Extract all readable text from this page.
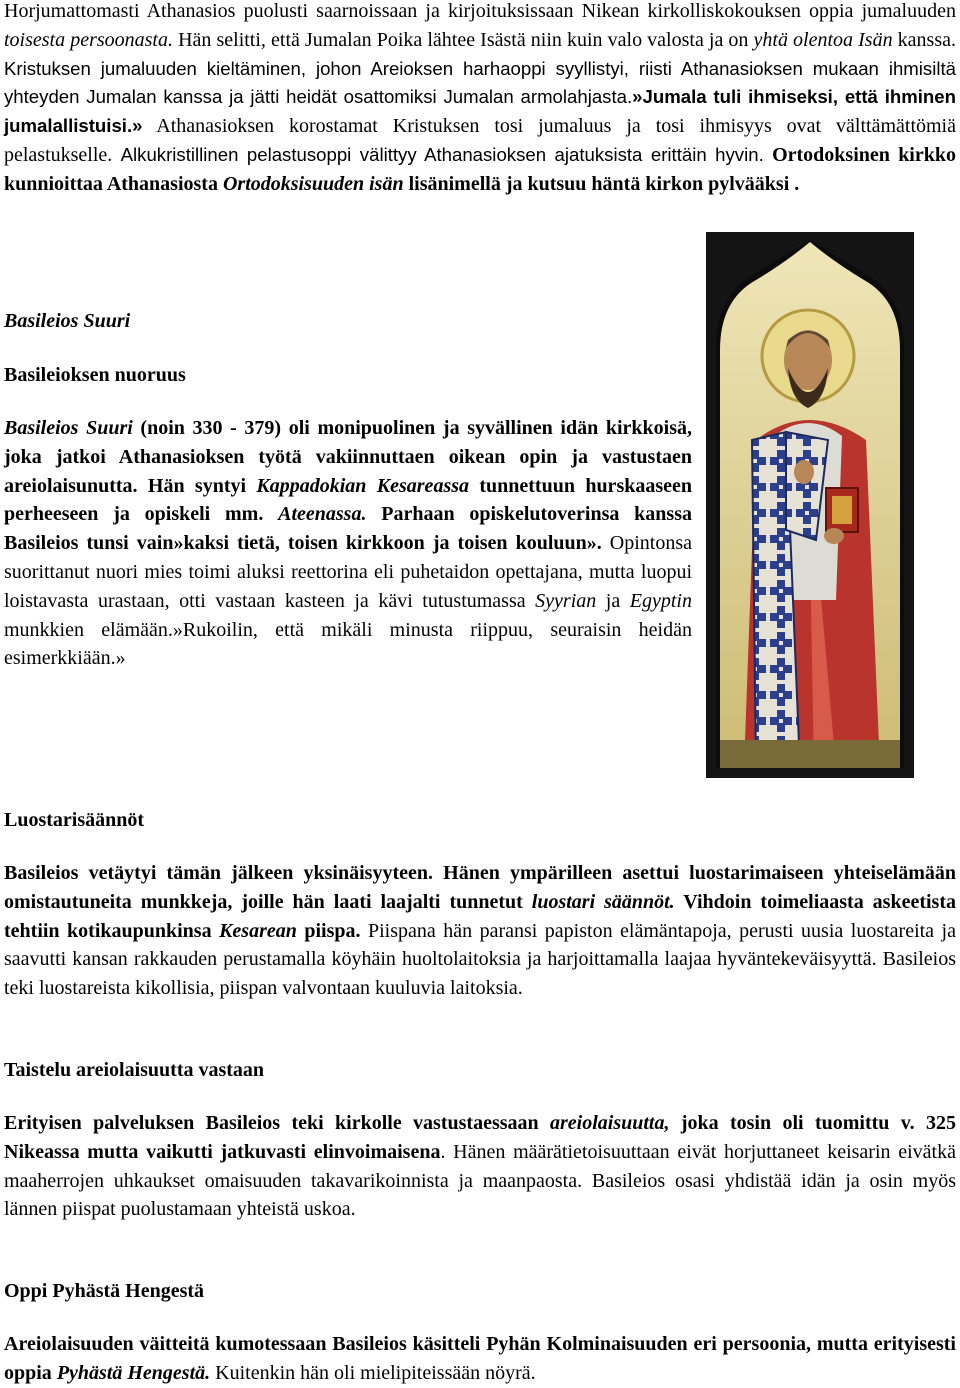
Horjumattomasti Athanasios puolusti saarnoissaan ja kirjoituksissaan Nikean kirkolliskokouksen oppia jumaluuden toisesta persoonasta. Hän selitti, että Jumalan Poika lähtee Isästä niin kuin valo valosta ja on yhtä olentoa Isän kanssa. Kristuksen jumaluuden kieltäminen, johon Areioksen harhaoppi syyllistyi, riisti Athanasioksen mukaan ihmisiltä yhteyden Jumalan kanssa ja jätti heidät osattomiksi Jumalan armolahjasta.»Jumala tuli ihmiseksi, että ihminen jumalallistuisi.» Athanasioksen korostamat Kristuksen tosi jumaluus ja tosi ihmisyys ovat välttämättömiä pelastukselle. Alkukristillinen pelastusoppi välittyy Athanasioksen ajatuksista erittäin hyvin. Ortodoksinen kirkko kunnioittaa Athanasiosta Ortodoksisuuden isän lisänimellä ja kutsuu häntä kirkon pylvääksi .

Basileios Suuri
Basileioksen nuoruus

Basileios Suuri (noin 330 - 379) oli monipuolinen ja syvällinen idän kirkkoisä, joka jatkoi Athanasioksen työtä vakiinnuttaen oikean opin ja vastustaen areiolaisunutta. Hän syntyi Kappadokian Kesareassa tunnettuun hurskaaseen perheeseen ja opiskeli mm. Ateenassa. Parhaan opiskelutoverinsa kanssa Basileios tunsi vain»kaksi tietä, toisen kirkkoon ja toisen kouluun». Opintonsa suorittanut nuori mies toimi aluksi reettorina eli puhetaidon opettajana, mutta luopui loistavasta urastaan, otti vastaan kasteen ja kävi tutustumassa Syyrian ja Egyptin munkkien elämään.»Rukoilin, että mikäli minusta riippuu, seuraisin heidän esimerkkiään.»

Luostarisäännöt

Basileios vetäytyi tämän jälkeen yksinäisyyteen. Hänen ympärilleen asettui luostarimaiseen yhteiselämään omistautuneita munkkeja, joille hän laati laajalti tunnetut luostari säännöt. Vihdoin toimeliaasta askeetista tehtiin kotikaupunkinsa Kesarean piispa. Piispana hän paransi papiston elämäntapoja, perusti uusia luostareita ja saavutti kansan rakkauden perustamalla köyhäin huoltolaitoksia ja harjoittamalla laajaa hyväntekeväisyyttä. Basileios teki luostareista kikollisia, piispan valvontaan kuuluvia laitoksia.

Taistelu areiolaisuutta vastaan

Erityisen palveluksen Basileios teki kirkolle vastustaessaan areiolaisuutta, joka tosin oli tuomittu v. 325 Nikeassa mutta vaikutti jatkuvasti elinvoimaisena. Hänen määrätietoisuuttaan eivät horjuttaneet keisarin eivätkä maaherrojen uhkaukset omaisuuden takavarikoinnista ja maanpaosta. Basileios osasi yhdistää idän ja osin myös lännen piispat puolustamaan yhteistä uskoa.

Oppi Pyhästä Hengestä

Areiolaisuuden väitteitä kumotessaan Basileios käsitteli Pyhän Kolminaisuuden eri persoonia, mutta erityisesti oppia Pyhästä Hengestä. Kuitenkin hän oli mielipiteissään nöyrä.
